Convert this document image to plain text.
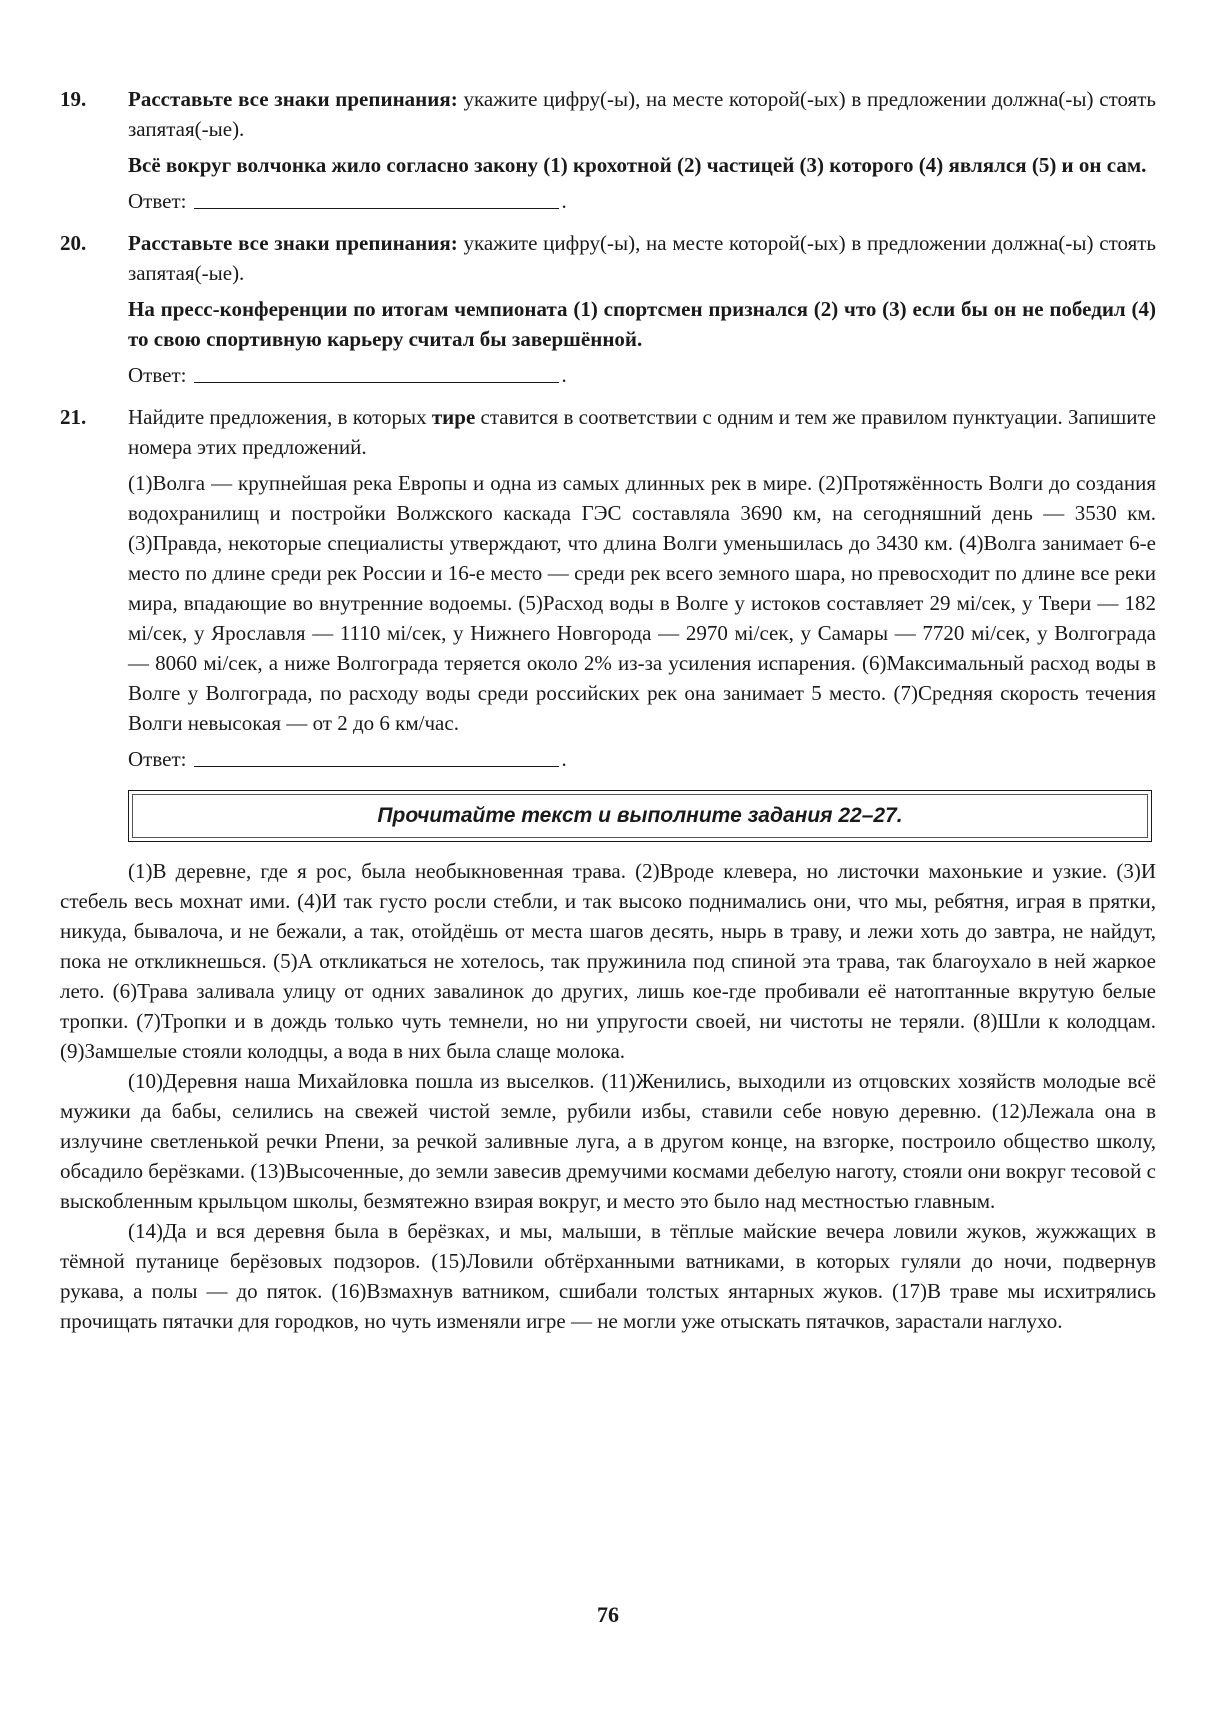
19.	Расставьте все знаки препинания: укажите цифру(-ы), на месте которой(-ых) в предложении должна(-ы) стоять запятая(-ые).

Всё вокруг волчонка жило согласно закону (1) крохотной (2) частицей (3) которого (4) являлся (5) и он сам.

Ответ:	.
20.	Расставьте все знаки препинания: укажите цифру(-ы), на месте которой(-ых) в предложении должна(-ы) стоять запятая(-ые).

На пресс-конференции по итогам чемпионата (1) спортсмен признался (2) что (3) если бы он не победил (4) то свою спортивную карьеру считал бы завершённой.

Ответ:	.
21.	Найдите предложения, в которых тире ставится в соответствии с одним и тем же правилом пунктуации. Запишите номера этих предложений.

(1)Волга — крупнейшая река Европы и одна из самых длинных рек в мире. (2)Протяжённость Волги до создания водохранилищ и постройки Волжского каскада ГЭС составляла 3690 км, на сегодняшний день — 3530 км. (3)Правда, некоторые специалисты утверждают, что длина Волги уменьшилась до 3430 км. (4)Волга занимает 6-е место по длине среди рек России и 16-е место — среди рек всего земного шара, но превосходит по длине все реки мира, впадающие во внутренние водоемы. (5)Расход воды в Волге у истоков составляет 29 мі/сек, у Твери — 182 мі/сек, у Ярославля — 1110 мі/сек, у Нижнего Новгорода — 2970 мі/сек, у Самары — 7720 мі/сек, у Волгограда — 8060 мі/сек, а ниже Волгограда теряется около 2% из-за усиления испарения. (6)Максимальный расход воды в Волге у Волгограда, по расходу воды среди российских рек она занимает 5 место. (7)Средняя скорость течения Волги невысокая — от 2 до 6 км/час.

Ответ:	.
Прочитайте текст и выполните задания 22–27.

(1)В деревне, где я рос, была необыкновенная трава. (2)Вроде клевера, но листочки махонькие и узкие. (3)И стебель весь мохнат ими. (4)И так густо росли стебли, и так высоко поднимались они, что мы, ребятня, играя в прятки, никуда, бывалоча, и не бежали, а так, отойдёшь от места шагов десять, нырь в траву, и лежи хоть до завтра, не найдут, пока не откликнешься. (5)А откликаться не хотелось, так пружинила под спиной эта трава, так благоухало в ней жаркое лето. (6)Трава заливала улицу от одних завалинок до других, лишь кое-где пробивали её натоптанные вкрутую белые тропки. (7)Тропки и в дождь только чуть темнели, но ни упругости своей, ни чистоты не теряли. (8)Шли к колодцам. (9)Замшелые стояли колодцы, а вода в них была слаще молока.

(10)Деревня наша Михайловка пошла из выселков. (11)Женились, выходили из отцовских хозяйств молодые всё мужики да бабы, селились на свежей чистой земле, рубили избы, ставили себе новую деревню. (12)Лежала она в излучине светленькой речки Рпени, за речкой заливные луга, а в другом конце, на взгорке, построило общество школу, обсадило берёзками. (13)Высоченные, до земли завесив дремучими космами дебелую наготу, стояли они вокруг тесовой с выскобленным крыльцом школы, безмятежно взирая вокруг, и место это было над местностью главным.

(14)Да и вся деревня была в берёзках, и мы, малыши, в тёплые майские вечера ловили жуков, жужжащих в тёмной путанице берёзовых подзоров. (15)Ловили обтёрханными ватниками, в которых гуляли до ночи, подвернув рукава, а полы — до пяток. (16)Взмахнув ватником, сшибали толстых янтарных жуков. (17)В траве мы исхитрялись прочищать пятачки для городков, но чуть изменяли игре — не могли уже отыскать пятачков, зарастали наглухо.

76
